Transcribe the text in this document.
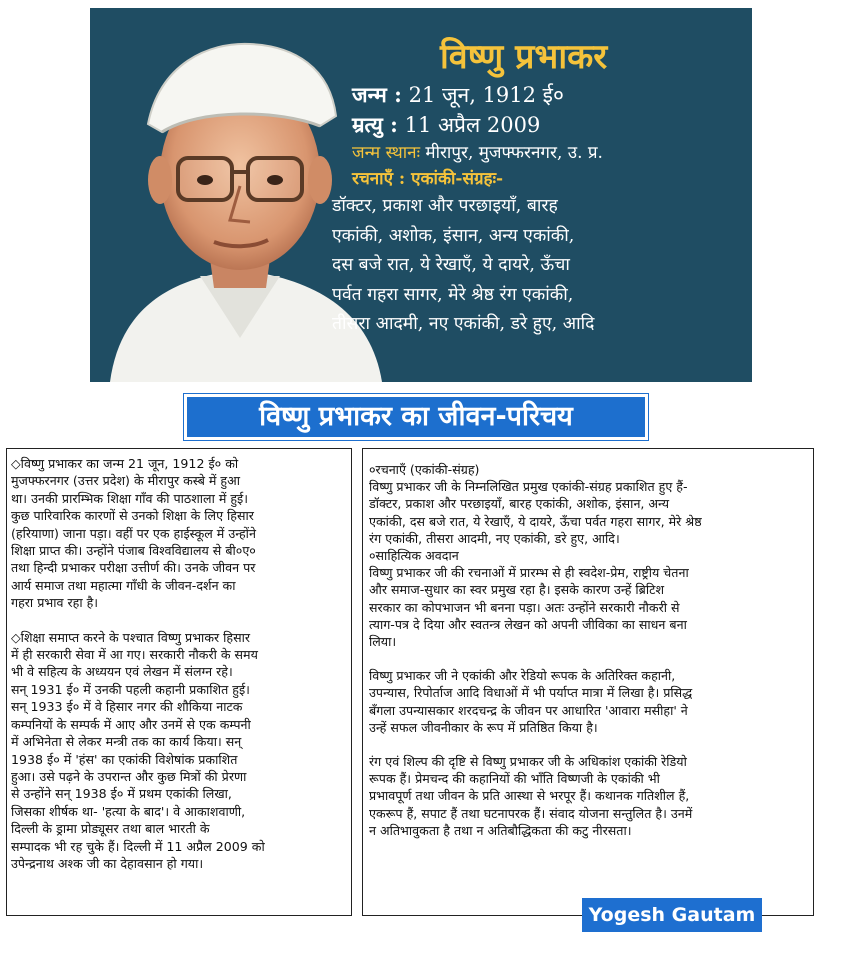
विष्णु प्रभाकर
जन्म : 21 जून, 1912 ई०
म्रत्यु : 11 अप्रैल 2009
जन्म स्थानः मीरापुर, मुजफ्फरनगर, उ. प्र.
रचनाएँ : एकांकी-संग्रहः-
डॉक्टर, प्रकाश और परछाइयाँ, बारह
एकांकी, अशोक, इंसान, अन्य एकांकी,
दस बजे रात, ये रेखाएँ, ये दायरे, ऊँचा
पर्वत गहरा सागर, मेरे श्रेष्ठ रंग एकांकी,
तीसरा आदमी, नए एकांकी, डरे हुए, आदि
विष्णु प्रभाकर का जीवन-परिचय
◇विष्णु प्रभाकर का जन्म 21 जून, 1912 ई० को
मुजफ्फरनगर (उत्तर प्रदेश) के मीरापुर कस्बे में हुआ
था। उनकी प्रारम्भिक शिक्षा गाँव की पाठशाला में हुई।
कुछ पारिवारिक कारणों से उनको शिक्षा के लिए हिसार
(हरियाणा) जाना पड़ा। वहीं पर एक हाईस्कूल में उन्होंने
शिक्षा प्राप्त की। उन्होंने पंजाब विश्वविद्यालय से बी०ए०
तथा हिन्दी प्रभाकर परीक्षा उत्तीर्ण की। उनके जीवन पर
आर्य समाज तथा महात्मा गाँधी के जीवन-दर्शन का
गहरा प्रभाव रहा है।
◇शिक्षा समाप्त करने के पश्चात विष्णु प्रभाकर हिसार
में ही सरकारी सेवा में आ गए। सरकारी नौकरी के समय
भी वे सहित्य के अध्ययन एवं लेखन में संलग्न रहे।
सन् 1931 ई० में उनकी पहली कहानी प्रकाशित हुई।
सन् 1933 ई० में वे हिसार नगर की शौकिया नाटक
कम्पनियों के सम्पर्क में आए और उनमें से एक कम्पनी
में अभिनेता से लेकर मन्त्री तक का कार्य किया। सन्
1938 ई० में 'हंस' का एकांकी विशेषांक प्रकाशित
हुआ। उसे पढ़ने के उपरान्त और कुछ मित्रों की प्रेरणा
से उन्होंने सन् 1938 ई० में प्रथम एकांकी लिखा,
जिसका शीर्षक था- 'हत्या के बाद'। वे आकाशवाणी,
दिल्ली के ड्रामा प्रोड्यूसर तथा बाल भारती के
सम्पादक भी रह चुके हैं। दिल्ली में 11 अप्रैल 2009 को
उपेन्द्रनाथ अश्क जी का देहावसान हो गया।
०रचनाएँ (एकांकी-संग्रह)
विष्णु प्रभाकर जी के निम्नलिखित प्रमुख एकांकी-संग्रह प्रकाशित हुए हैं-
डॉक्टर, प्रकाश और परछाइयाँ, बारह एकांकी, अशोक, इंसान, अन्य
एकांकी, दस बजे रात, ये रेखाएँ, ये दायरे, ऊँचा पर्वत गहरा सागर, मेरे श्रेष्ठ
रंग एकांकी, तीसरा आदमी, नए एकांकी, डरे हुए, आदि।
०साहित्यिक अवदान
विष्णु प्रभाकर जी की रचनाओं में प्रारम्भ से ही स्वदेश-प्रेम, राष्ट्रीय चेतना
और समाज-सुधार का स्वर प्रमुख रहा है। इसके कारण उन्हें ब्रिटिश
सरकार का कोपभाजन भी बनना पड़ा। अतः उन्होंने सरकारी नौकरी से
त्याग-पत्र दे दिया और स्वतन्त्र लेखन को अपनी जीविका का साधन बना
लिया।
विष्णु प्रभाकर जी ने एकांकी और रेडियो रूपक के अतिरिक्त कहानी,
उपन्यास, रिपोर्ताज आदि विधाओं में भी पर्याप्त मात्रा में लिखा है। प्रसिद्ध
बँगला उपन्यासकार शरदचन्द्र के जीवन पर आधारित 'आवारा मसीहा' ने
उन्हें सफल जीवनीकार के रूप में प्रतिष्ठित किया है।
रंग एवं शिल्प की दृष्टि से विष्णु प्रभाकर जी के अधिकांश एकांकी रेडियो
रूपक हैं। प्रेमचन्द की कहानियों की भाँति विष्णजी के एकांकी भी
प्रभावपूर्ण तथा जीवन के प्रति आस्था से भरपूर हैं। कथानक गतिशील हैं,
एकरूप हैं, सपाट हैं तथा घटनापरक हैं। संवाद योजना सन्तुलित है। उनमें
न अतिभावुकता है तथा न अतिबौद्धिकता की कटु नीरसता।
Yogesh Gautam
